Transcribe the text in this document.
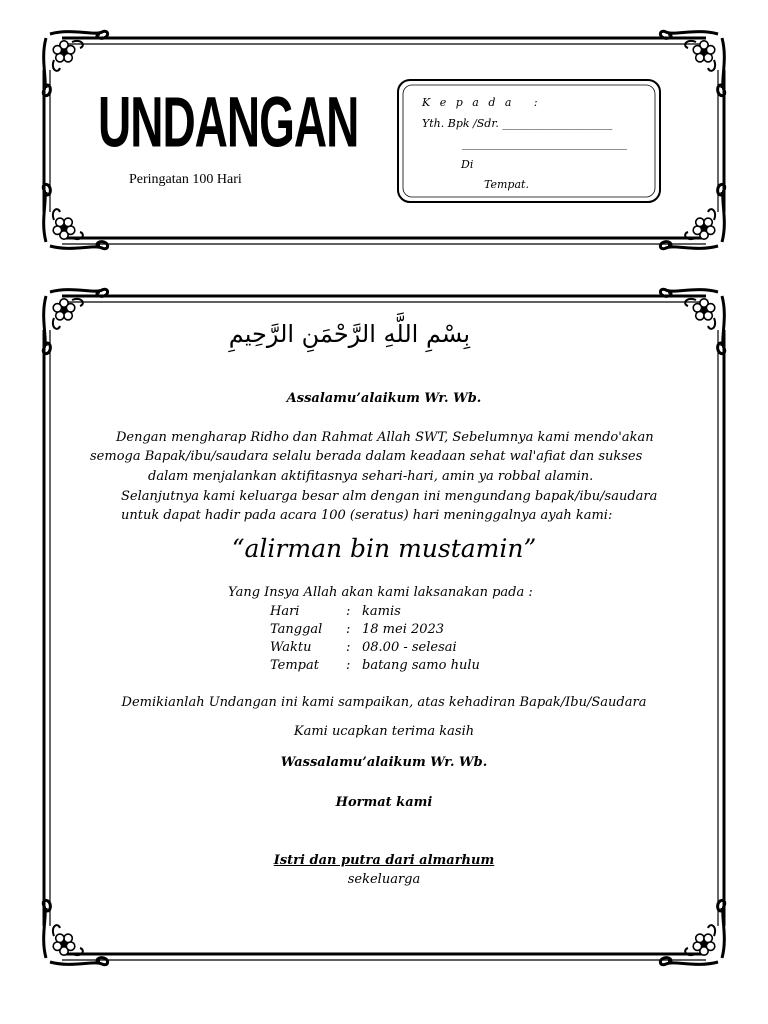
UNDANGAN
Peringatan 100 Hari
K e p a d a   :
Yth. Bpk /Sdr. ____________________
______________________________
Di
Tempat.
بِسْمِ اللَّهِ الرَّحْمَنِ الرَّحِيمِ
Assalamu’alaikum Wr. Wb.
Dengan mengharap Ridho dan Rahmat Allah SWT, Sebelumnya kami mendo'akan
semoga Bapak/ibu/saudara selalu berada dalam keadaan sehat wal'afiat dan sukses
dalam menjalankan aktifitasnya sehari-hari, amin ya robbal alamin.
Selanjutnya kami keluarga besar alm dengan ini mengundang bapak/ibu/saudara
untuk dapat hadir pada acara 100 (seratus) hari meninggalnya ayah kami:
“alirman bin mustamin”
Yang Insya Allah akan kami laksanakan pada :
Hari	:	kamis
Tanggal	:	18 mei 2023
Waktu	:	08.00 - selesai
Tempat	:	batang samo hulu
Demikianlah Undangan ini kami sampaikan, atas kehadiran Bapak/Ibu/Saudara
Kami ucapkan terima kasih
Wassalamu’alaikum Wr. Wb.
Hormat kami
Istri dan putra dari almarhum
sekeluarga
